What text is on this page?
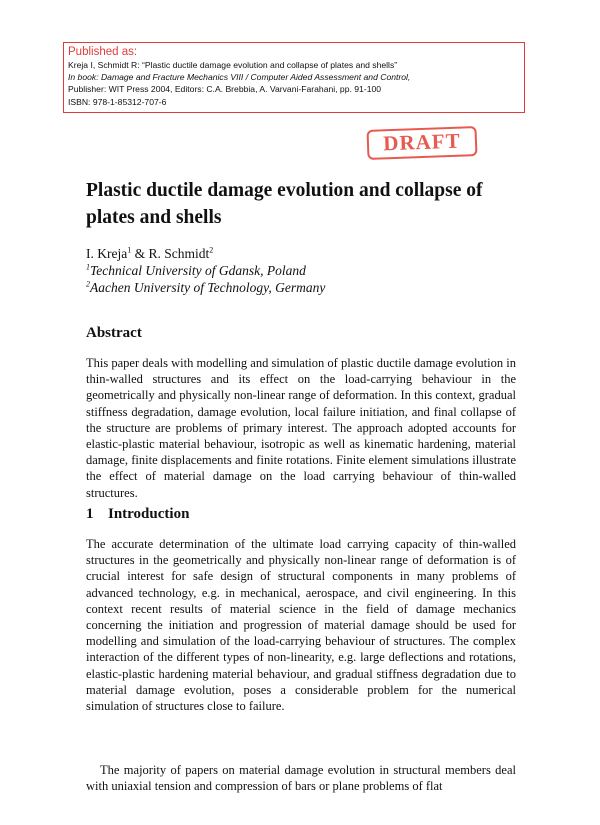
Published as:
Kreja I, Schmidt R: “Plastic ductile damage evolution and collapse of plates and shells”
In book: Damage and Fracture Mechanics VIII / Computer Aided Assessment and Control,
Publisher: WIT Press 2004, Editors: C.A. Brebbia, A. Varvani-Farahani, pp. 91-100
ISBN: 978-1-85312-707-6
DRAFT
Plastic ductile damage evolution and collapse of plates and shells
I. Kreja$^1$ & R. Schmidt$^2$
$^1$Technical University of Gdansk, Poland
$^2$Aachen University of Technology, Germany
Abstract

This paper deals with modelling and simulation of plastic ductile damage evolution in thin-walled structures and its effect on the load-carrying behaviour in the geometrically and physically non-linear range of deformation. In this context, gradual stiffness degradation, damage evolution, local failure initiation, and final collapse of the structure are problems of primary interest. The approach adopted accounts for elastic-plastic material behaviour, isotropic as well as kinematic hardening, material damage, finite displacements and finite rotations. Finite element simulations illustrate the effect of material damage on the load carrying behaviour of thin-walled structures.

1 Introduction

The accurate determination of the ultimate load carrying capacity of thin-walled structures in the geometrically and physically non-linear range of deformation is of crucial interest for safe design of structural components in many problems of advanced technology, e.g. in mechanical, aerospace, and civil engineering. In this context recent results of material science in the field of damage mechanics concerning the initiation and progression of material damage should be used for modelling and simulation of the load-carrying behaviour of structures. The complex interaction of the different types of non-linearity, e.g. large deflections and rotations, elastic-plastic hardening material behaviour, and gradual stiffness degradation due to material damage evolution, poses a considerable problem for the numerical simulation of structures close to failure.

The majority of papers on material damage evolution in structural members deal with uniaxial tension and compression of bars or plane problems of flat
